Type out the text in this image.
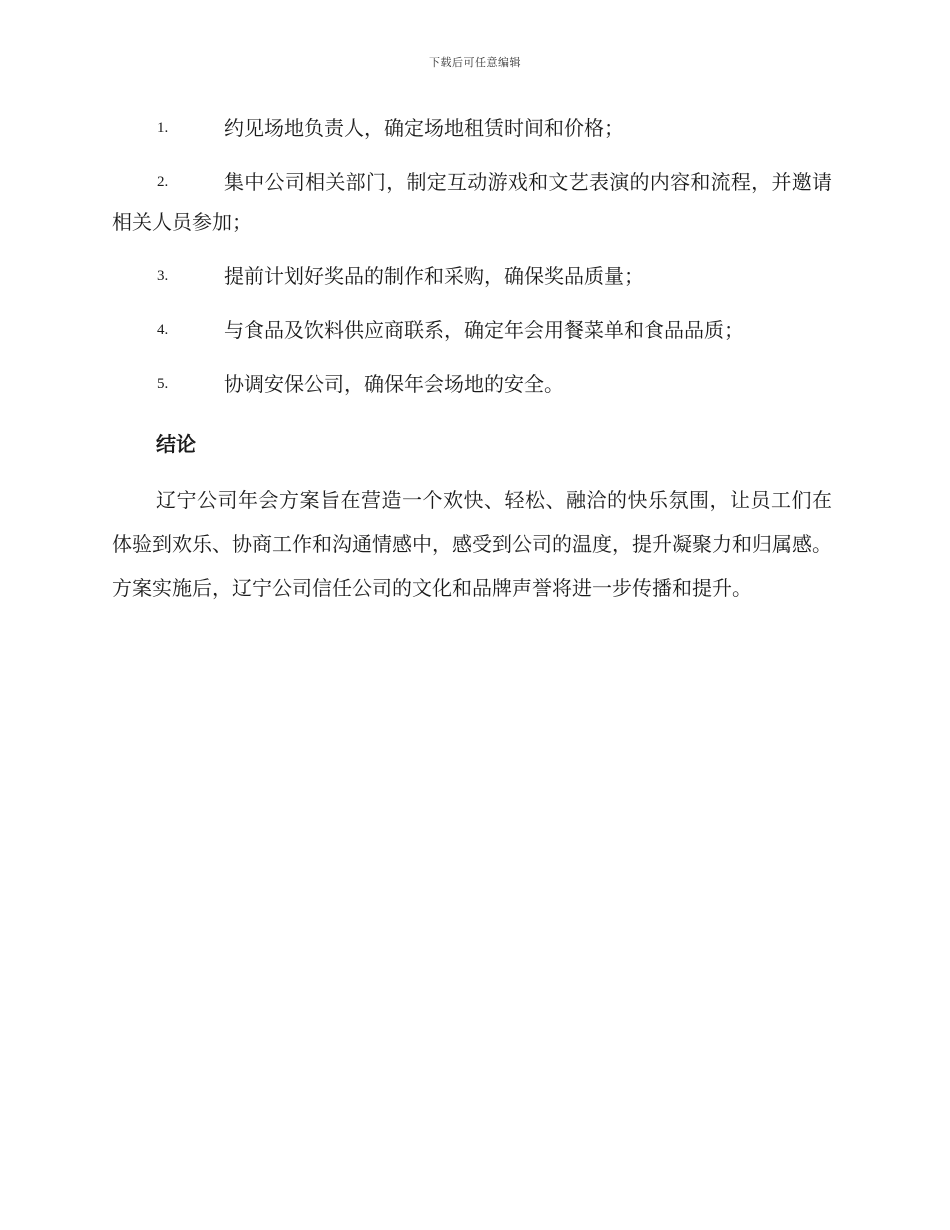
下载后可任意编辑
1.	约见场地负责人，确定场地租赁时间和价格；
2.	集中公司相关部门，制定互动游戏和文艺表演的内容和流程，并邀请相关人员参加；
3.	提前计划好奖品的制作和采购，确保奖品质量；
4.	与食品及饮料供应商联系，确定年会用餐菜单和食品品质；
5.	协调安保公司，确保年会场地的安全。
结论
辽宁公司年会方案旨在营造一个欢快、轻松、融洽的快乐氛围，让员工们在体验到欢乐、协商工作和沟通情感中，感受到公司的温度，提升凝聚力和归属感。方案实施后，辽宁公司信任公司的文化和品牌声誉将进一步传播和提升。
